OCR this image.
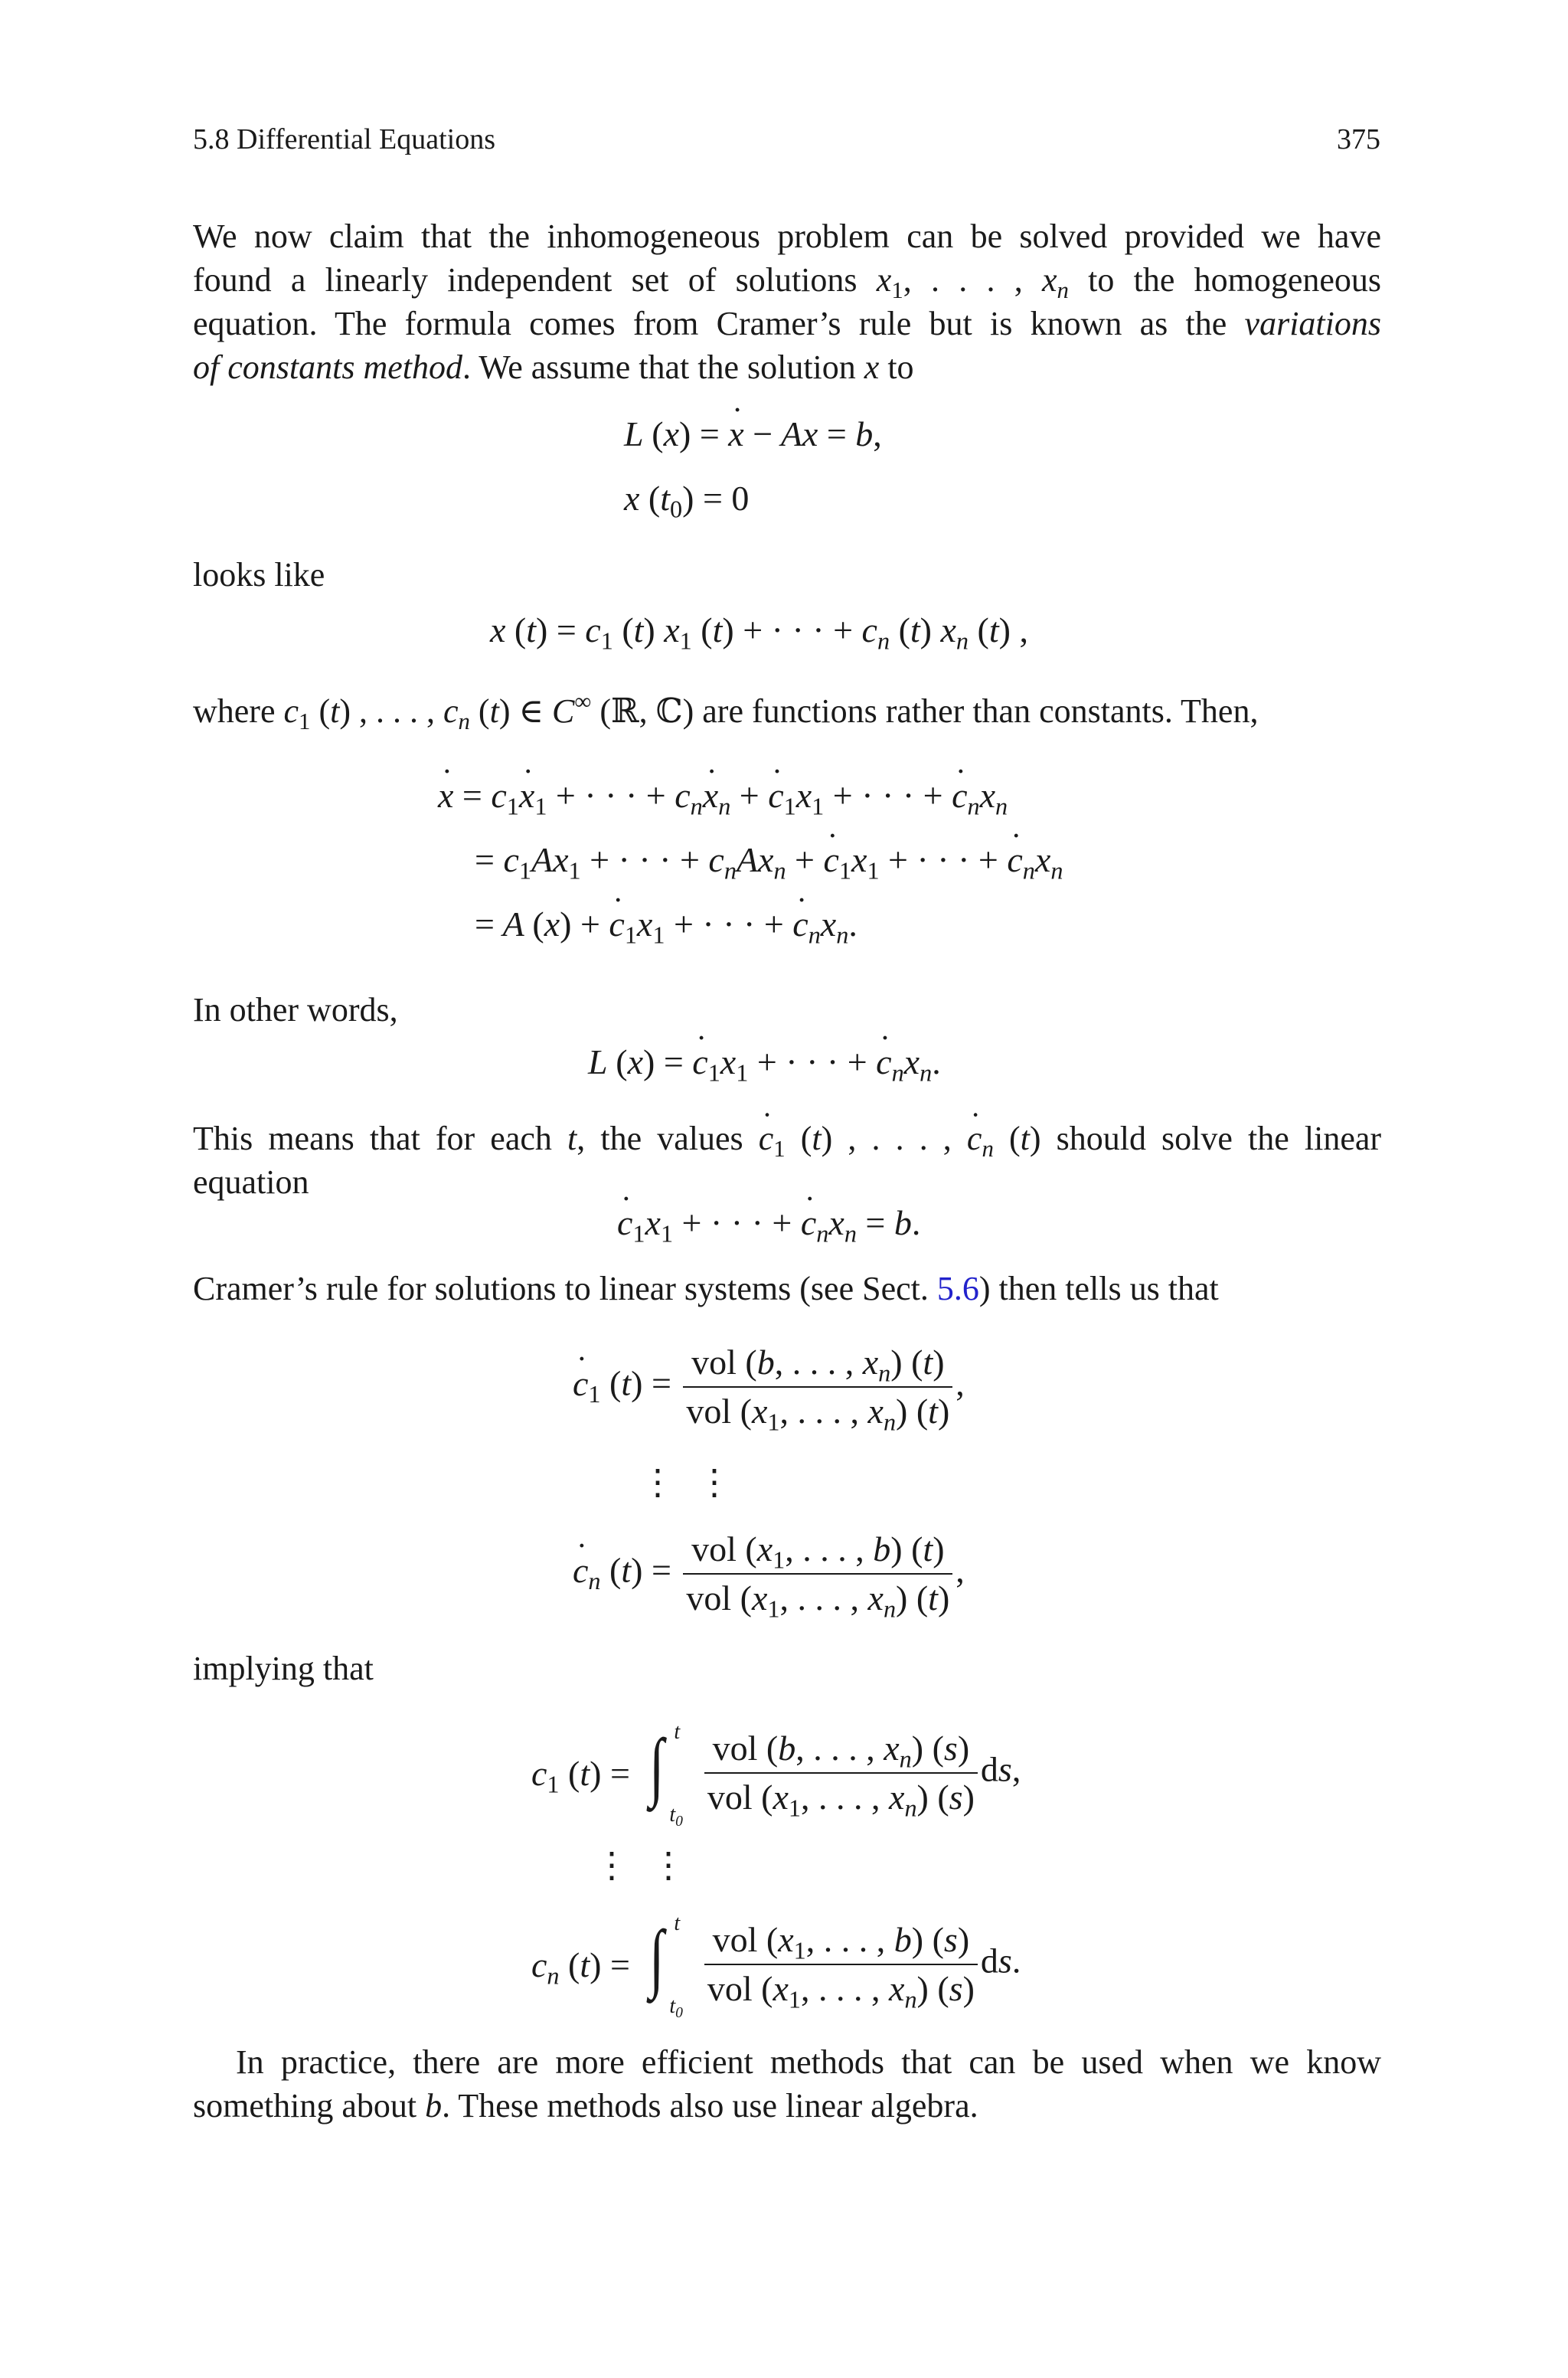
5.8 Differential Equations	375
We now claim that the inhomogeneous problem can be solved provided we have
found a linearly independent set of solutions $x_1$, . . . , $x_n$ to the homogeneous
equation. The formula comes from Cramer’s rule but is known as the variations
of constants method. We assume that the solution x to
L (x) = x ˙ − Ax = b,
x $(t_0) = 0$
looks like
x $(t) = c_1$ (t) $x_1$ (t) + · · · + $c_n$ (t) $x_n$ (t) ,
where $c_1$ (t) , . . . , $c_n$ (t) ∈ C∞ (ℝ, ℂ) are functions rather than constants. Then,
x ˙ = $c_1x$ $˙_1$ + · · · + $c_nx$ $˙_n + c$ $˙_1x_1$ + · · · + c $˙_nx_n$
= $c_1Ax_1$ + · · · + $c_nAx_n + c$ $˙_1x_1$ + · · · + c $˙_nx_n$
= A (x) + c $˙_1x_1$ + · · · + c $˙_nx_n$.
In other words,
L (x) = c $˙_1x_1$ + · · · + c $˙_nx_n$.
This means that for each t, the values c $˙_1$ (t) , . . . , c $˙_n$ (t) should solve the linear
equation
c $˙_1x_1$ + · · · + c $˙_nx_n = b$.
Cramer’s rule for solutions to linear systems (see Sect. 5.6) then tells us that
c $˙_1$ $(t) = \frac{vol (b, . . . , x_n) (t)}{vol (x_1, . . . , x_n) (t)}$ ,
⋮ ⋮
c $˙_n$ $(t) = \frac{vol (x_1, . . . , b) (t)}{vol (x_1, . . . , x_n) (t)}$ ,
implying that
$c_1$ (t) = ∫ t
$t_0$

$\frac{vol (b, . . . , x_n) (s)}{vol (x_1, . . . , x_n) (s)}$ ds,
⋮ ⋮
$c_n$ (t) = ∫ t
$t_0$

$\frac{vol (x_1, . . . , b) (s)}{vol (x_1, . . . , x_n) (s)}$ ds.
In practice, there are more efficient methods that can be used when we know
something about b. These methods also use linear algebra.
